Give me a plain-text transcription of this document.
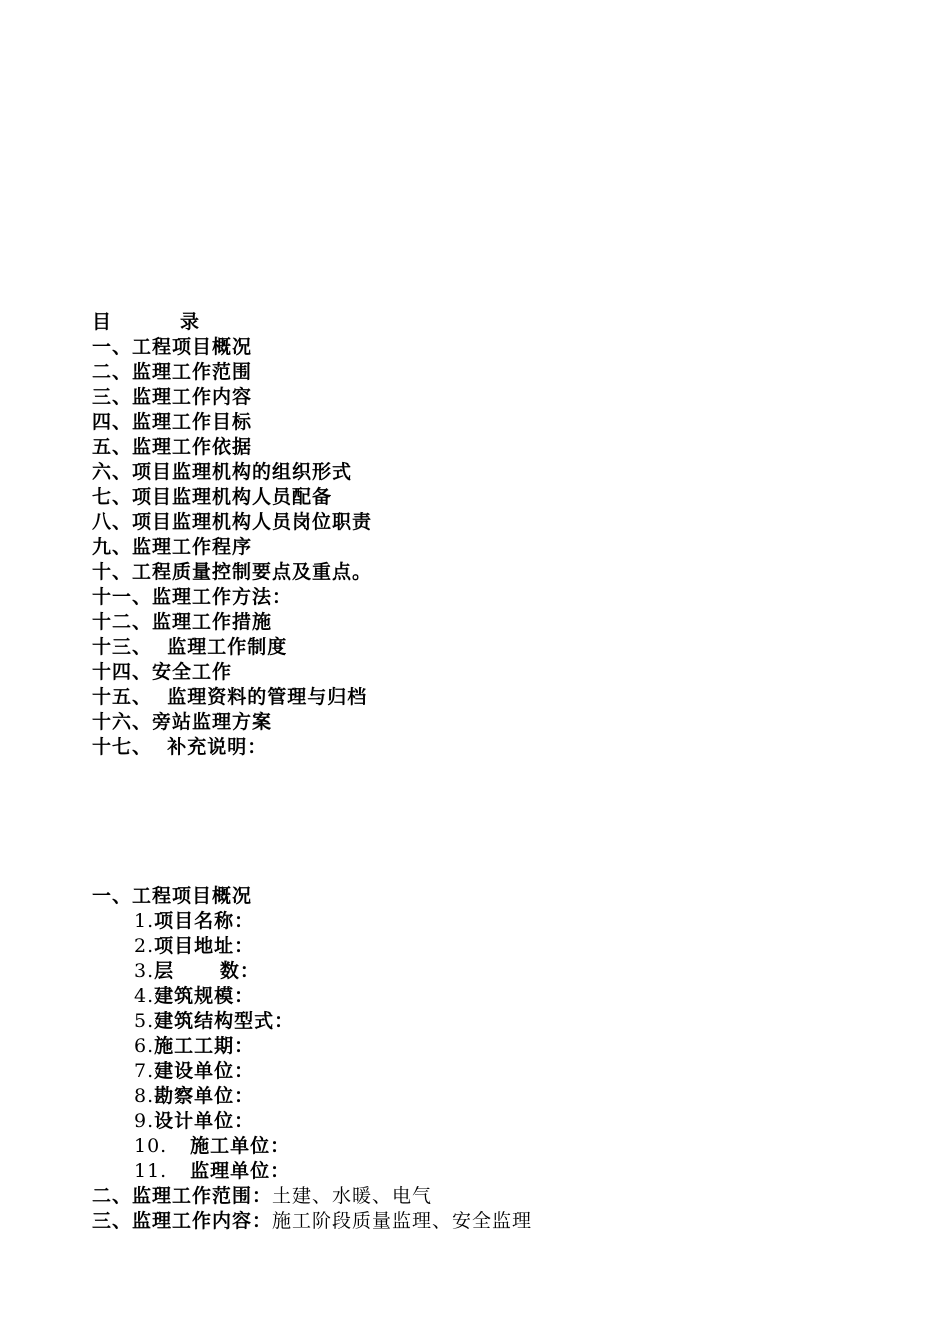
目	录
一、工程项目概况
二、监理工作范围
三、监理工作内容
四、监理工作目标
五、监理工作依据
六、项目监理机构的组织形式
七、项目监理机构人员配备
八、项目监理机构人员岗位职责
九、监理工作程序
十、工程质量控制要点及重点。
十一、监理工作方法：
十二、监理工作措施
十三、  监理工作制度
十四、安全工作
十五、  监理资料的管理与归档
十六、旁站监理方案
十七、  补充说明：
一、工程项目概况
1.项目名称：
2.项目地址：
3.层      数：
4.建筑规模：
5.建筑结构型式：
6.施工工期：
7.建设单位：
8.勘察单位：
9.设计单位：
10.   施工单位：
11.   监理单位：
二、监理工作范围：土建、水暖、电气
三、监理工作内容：施工阶段质量监理、安全监理
